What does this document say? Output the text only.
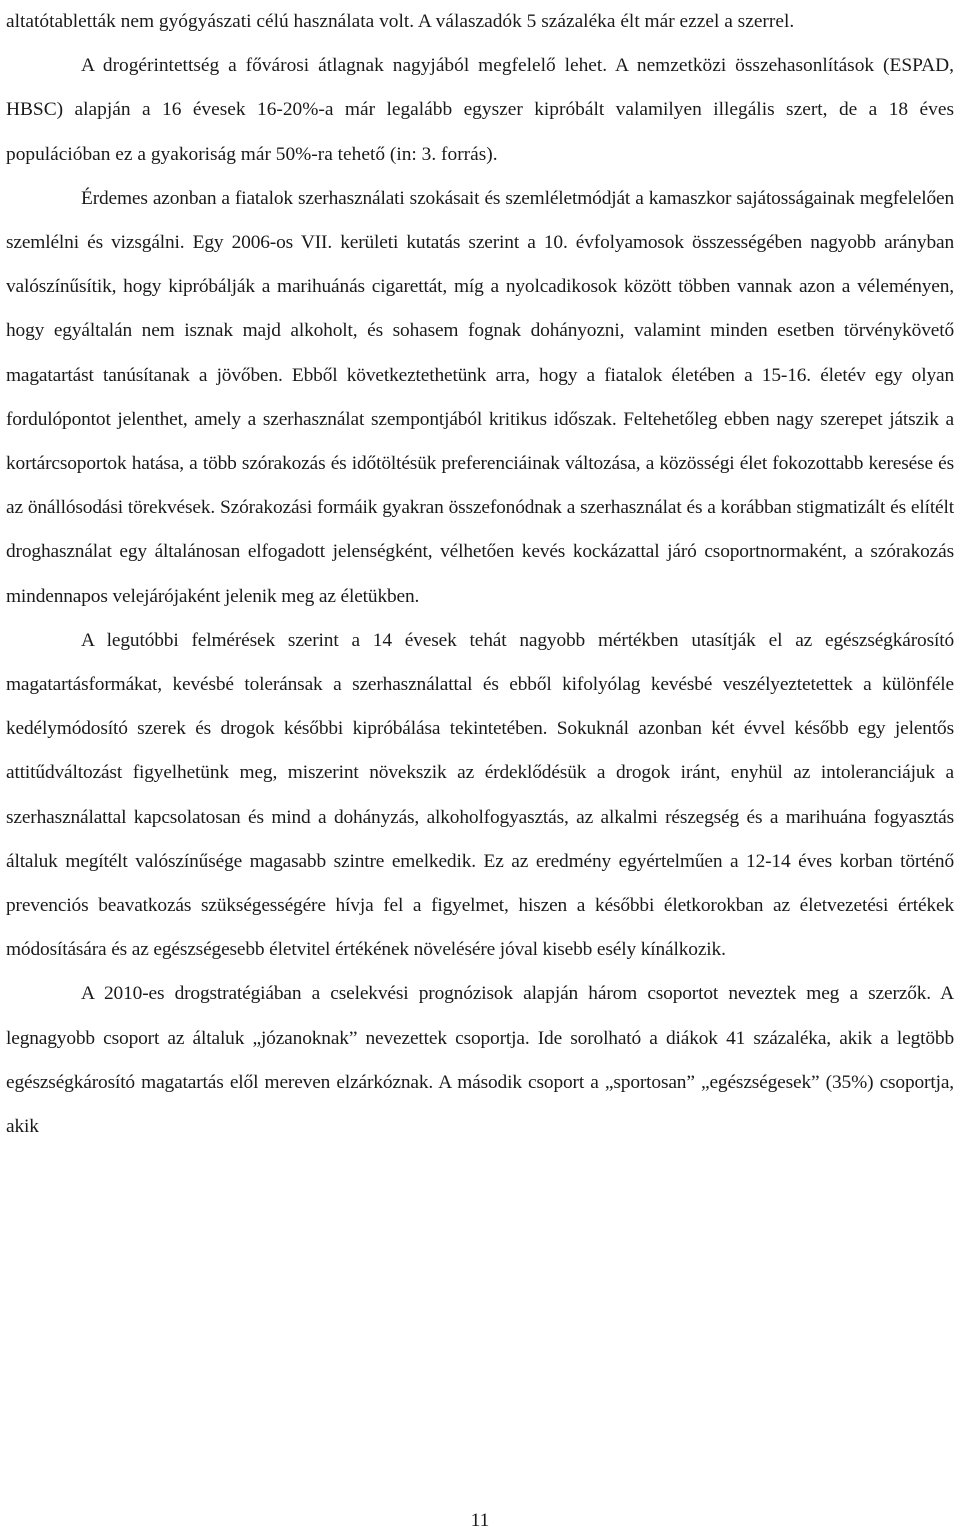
altatótabletták nem gyógyászati célú használata volt. A válaszadók 5 százaléka élt már ezzel a szerrel.

A drogérintettség a fővárosi átlagnak nagyjából megfelelő lehet. A nemzetközi összehasonlítások (ESPAD, HBSC) alapján a 16 évesek 16-20%-a már legalább egyszer kipróbált valamilyen illegális szert, de a 18 éves populációban ez a gyakoriság már 50%-ra tehető (in: 3. forrás).

Érdemes azonban a fiatalok szerhasználati szokásait és szemléletmódját a kamaszkor sajátosságainak megfelelően szemlélni és vizsgálni. Egy 2006-os VII. kerületi kutatás szerint a 10. évfolyamosok összességében nagyobb arányban valószínűsítik, hogy kipróbálják a marihuánás cigarettát, míg a nyolcadikosok között többen vannak azon a véleményen, hogy egyáltalán nem isznak majd alkoholt, és sohasem fognak dohányozni, valamint minden esetben törvénykövető magatartást tanúsítanak a jövőben. Ebből következtethetünk arra, hogy a fiatalok életében a 15-16. életév egy olyan fordulópontot jelenthet, amely a szerhasználat szempontjából kritikus időszak. Feltehetőleg ebben nagy szerepet játszik a kortárcsoportok hatása, a több szórakozás és időtöltésük preferenciáinak változása, a közösségi élet fokozottabb keresése és az önállósodási törekvések. Szórakozási formáik gyakran összefonódnak a szerhasználat és a korábban stigmatizált és elítélt droghasználat egy általánosan elfogadott jelenségként, vélhetően kevés kockázattal járó csoportnormaként, a szórakozás mindennapos velejárójaként jelenik meg az életükben.

A legutóbbi felmérések szerint a 14 évesek tehát nagyobb mértékben utasítják el az egészségkárosító magatartásformákat, kevésbé toleránsak a szerhasználattal és ebből kifolyólag kevésbé veszélyeztetettek a különféle kedélymódosító szerek és drogok későbbi kipróbálása tekintetében. Sokuknál azonban két évvel később egy jelentős attitűdváltozást figyelhetünk meg, miszerint növekszik az érdeklődésük a drogok iránt, enyhül az intoleranciájuk a szerhasználattal kapcsolatosan és mind a dohányzás, alkoholfogyasztás, az alkalmi részegség és a marihuána fogyasztás általuk megítélt valószínűsége magasabb szintre emelkedik. Ez az eredmény egyértelműen a 12-14 éves korban történő prevenciós beavatkozás szükségességére hívja fel a figyelmet, hiszen a későbbi életkorokban az életvezetési értékek módosítására és az egészségesebb életvitel értékének növelésére jóval kisebb esély kínálkozik.

A 2010-es drogstratégiában a cselekvési prognózisok alapján három csoportot neveztek meg a szerzők. A legnagyobb csoport az általuk „józanoknak” nevezettek csoportja. Ide sorolható a diákok 41 százaléka, akik a legtöbb egészségkárosító magatartás elől mereven elzárkóznak. A második csoport a „sportosan” „egészségesek” (35%) csoportja, akik

11
